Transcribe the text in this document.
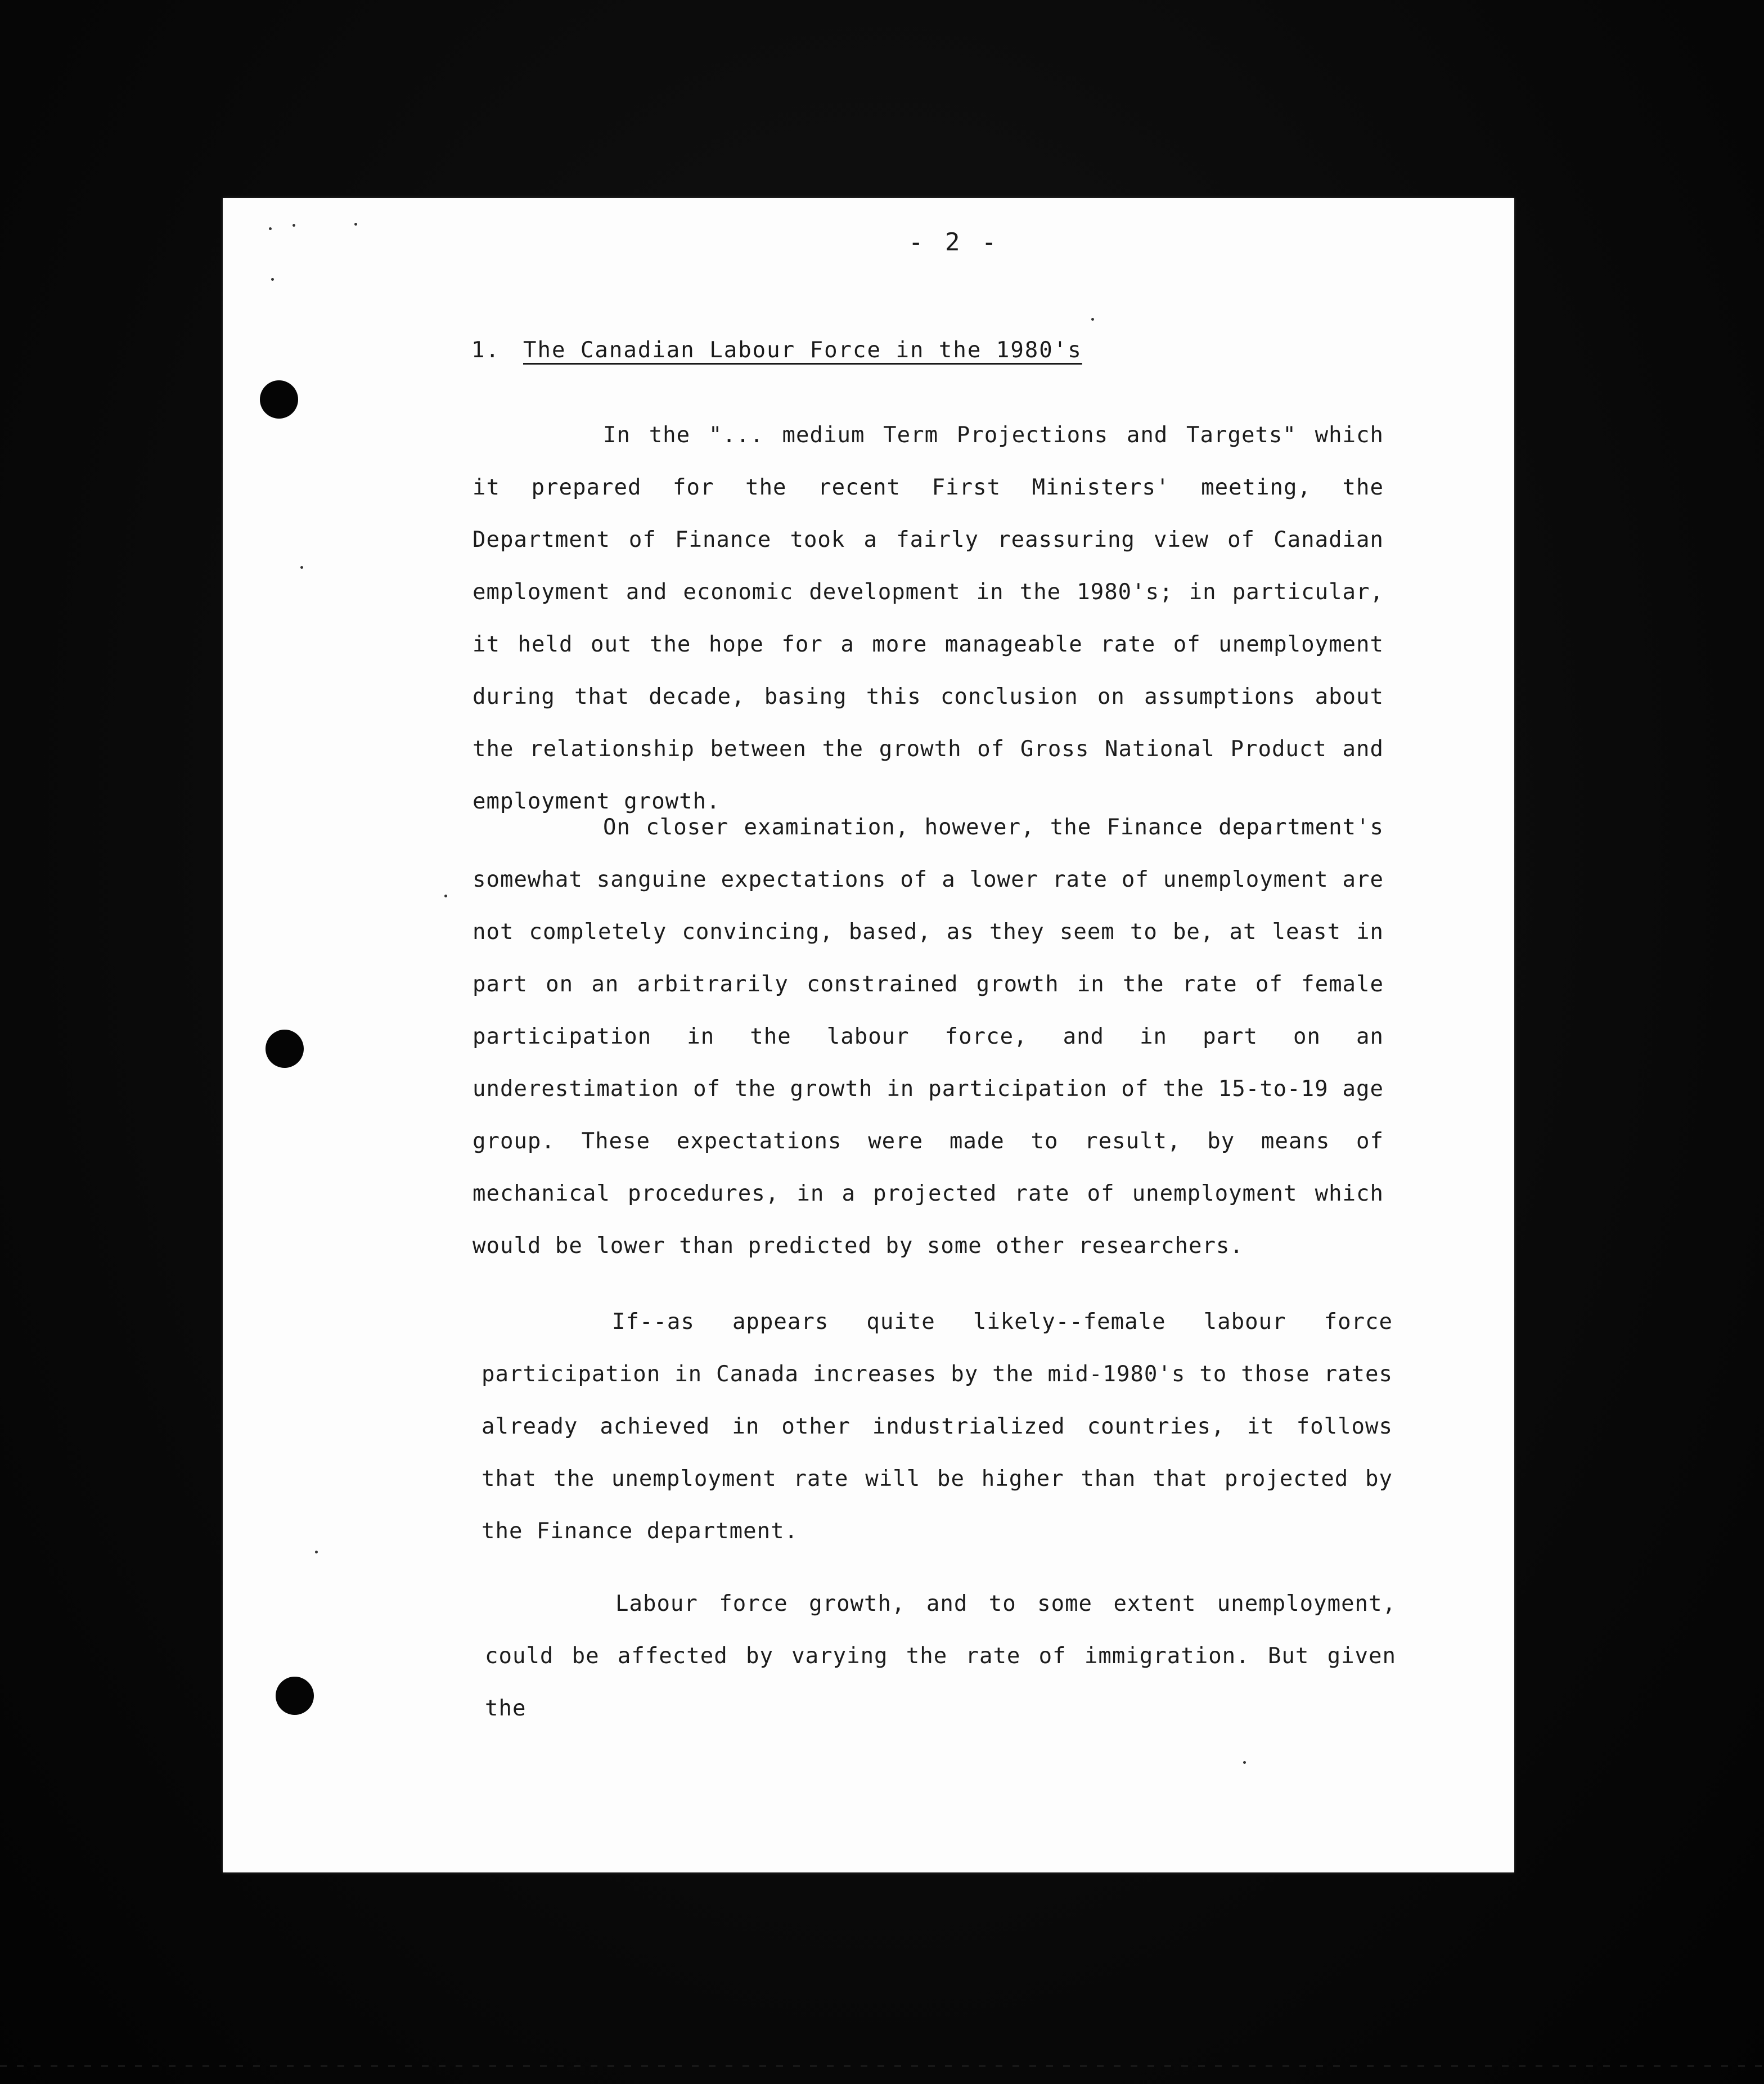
- 2 -
1. The Canadian Labour Force in the 1980's

In the "... medium Term Projections and Targets" which it prepared for the recent First Ministers' meeting, the Department of Finance took a fairly reassuring view of Canadian employment and economic development in the 1980's; in particular, it held out the hope for a more manageable rate of unemployment during that decade, basing this conclusion on assumptions about the relationship between the growth of Gross National Product and employment growth.

On closer examination, however, the Finance department's somewhat sanguine expectations of a lower rate of unemployment are not completely convincing, based, as they seem to be, at least in part on an arbitrarily constrained growth in the rate of female participation in the labour force, and in part on an underestimation of the growth in participation of the 15-to-19 age group. These expectations were made to result, by means of mechanical procedures, in a projected rate of unemployment which would be lower than predicted by some other researchers.

If--as appears quite likely--female labour force participation in Canada increases by the mid-1980's to those rates already achieved in other industrialized countries, it follows that the unemployment rate will be higher than that projected by the Finance department.

Labour force growth, and to some extent unemployment, could be affected by varying the rate of immigration. But given the
